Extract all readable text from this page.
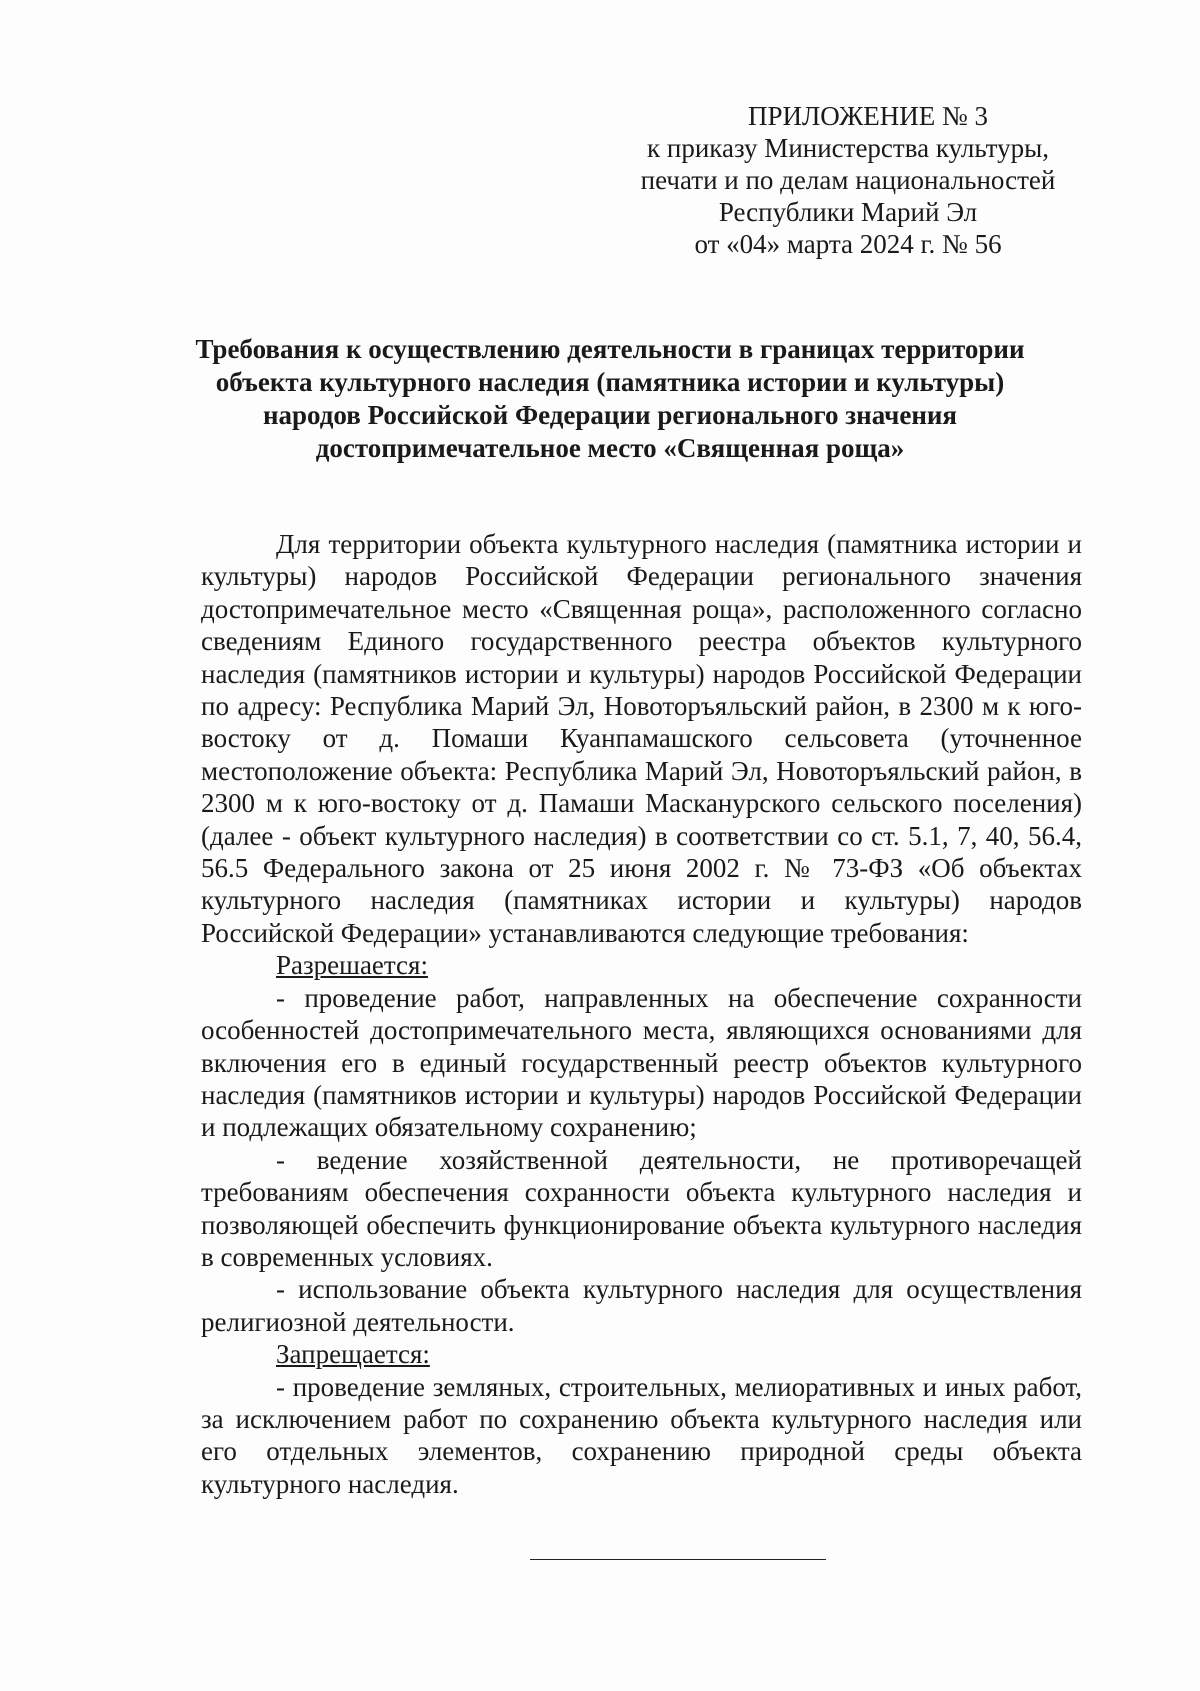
ПРИЛОЖЕНИЕ № 3
к приказу Министерства культуры,
печати и по делам национальностей
Республики Марий Эл
от «04» марта 2024 г. № 56
Требования к осуществлению деятельности в границах территории
объекта культурного наследия (памятника истории и культуры)
народов Российской Федерации регионального значения
достопримечательное место «Священная роща»

Для территории объекта культурного наследия (памятника истории и культуры) народов Российской Федерации регионального значения достопримечательное место «Священная роща», расположенного согласно сведениям Единого государственного реестра объектов культурного наследия (памятников истории и культуры) народов Российской Федерации по адресу: Республика Марий Эл, Новоторъяльский район, в 2300 м к юго-востоку от д. Помаши Куанпамашского сельсовета (уточненное местоположение объекта: Республика Марий Эл, Новоторъяльский район, в 2300 м к юго-востоку от д. Памаши Масканурского сельского поселения) (далее - объект культурного наследия) в соответствии со ст. 5.1, 7, 40, 56.4, 56.5 Федерального закона от 25 июня 2002 г. № 73-ФЗ «Об объектах культурного наследия (памятниках истории и культуры) народов Российской Федерации» устанавливаются следующие требования:

Разрешается:

- проведение работ, направленных на обеспечение сохранности особенностей достопримечательного места, являющихся основаниями для включения его в единый государственный реестр объектов культурного наследия (памятников истории и культуры) народов Российской Федерации и подлежащих обязательному сохранению;

- ведение хозяйственной деятельности, не противоречащей требованиям обеспечения сохранности объекта культурного наследия и позволяющей обеспечить функционирование объекта культурного наследия в современных условиях.

- использование объекта культурного наследия для осуществления религиозной деятельности.

Запрещается:

- проведение земляных, строительных, мелиоративных и иных работ, за исключением работ по сохранению объекта культурного наследия или его отдельных элементов, сохранению природной среды объекта культурного наследия.
